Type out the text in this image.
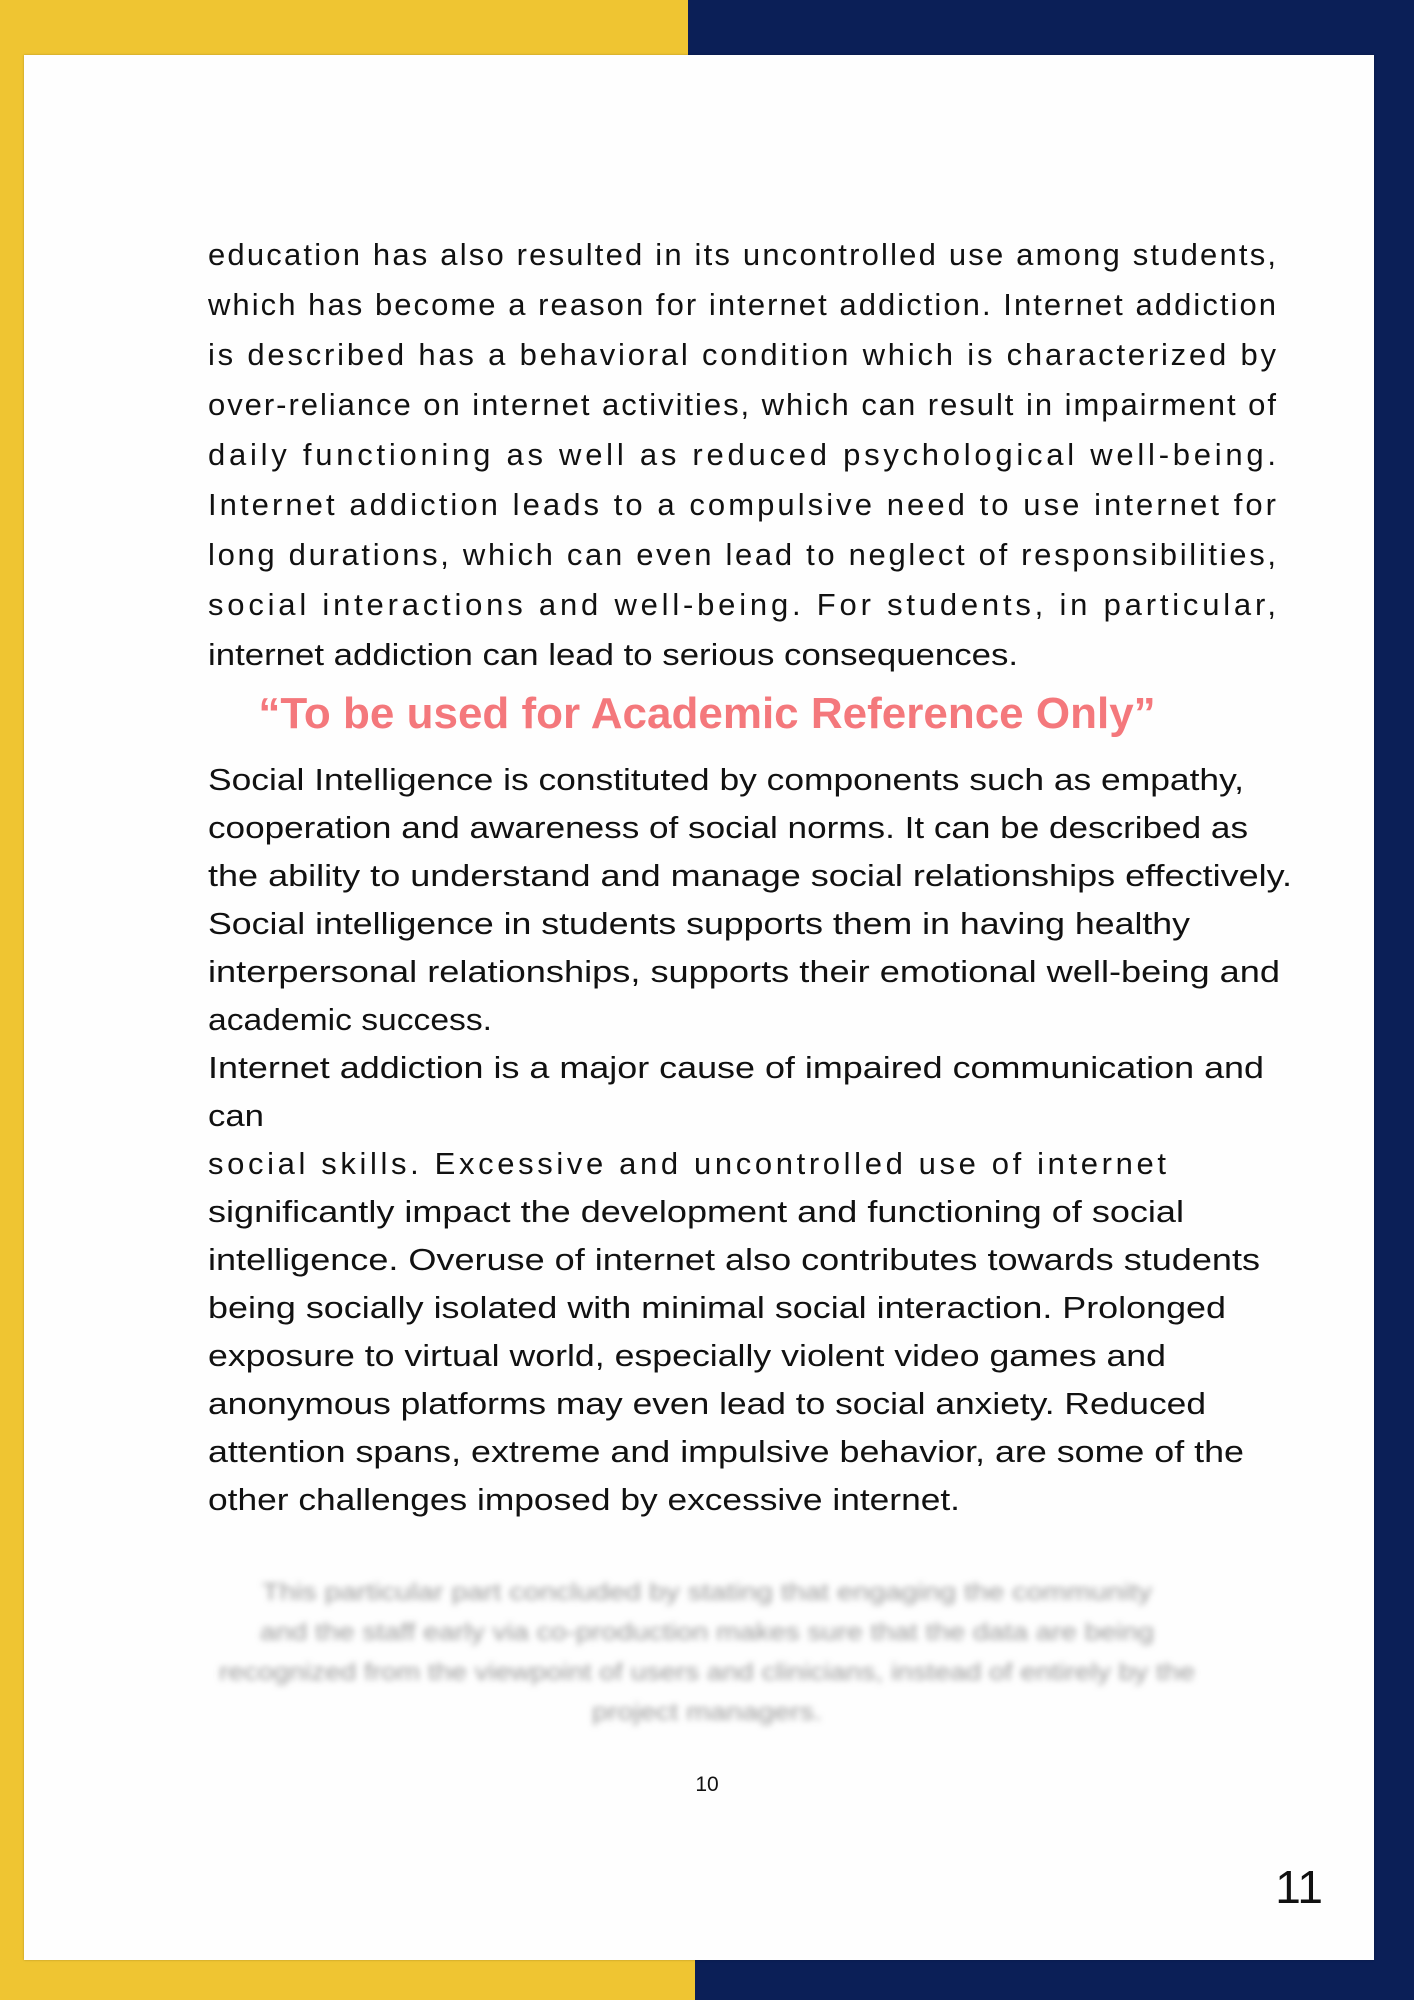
education has also resulted in its uncontrolled use among students,
which has become a reason for internet addiction. Internet addiction
is described has a behavioral condition which is characterized by
over-reliance on internet activities, which can result in impairment of
daily functioning as well as reduced psychological well-being.
Internet addiction leads to a compulsive need to use internet for
long durations, which can even lead to neglect of responsibilities,
social interactions and well-being. For students, in particular,
internet addiction can lead to serious consequences.
“To be used for Academic Reference Only”
Social Intelligence is constituted by components such as empathy,
cooperation and awareness of social norms. It can be described as
the ability to understand and manage social relationships effectively.
Social intelligence in students supports them in having healthy
interpersonal relationships, supports their emotional well-being and
academic success.
Internet addiction is a major cause of impaired communication and
can
social skills. Excessive and uncontrolled use of internet
significantly impact the development and functioning of social
intelligence. Overuse of internet also contributes towards students
being socially isolated with minimal social interaction. Prolonged
exposure to virtual world, especially violent video games and
anonymous platforms may even lead to social anxiety. Reduced
attention spans, extreme and impulsive behavior, are some of the
other challenges imposed by excessive internet.
This particular part concluded by stating that engaging the community
and the staff early via co-production makes sure that the data are being
recognized from the viewpoint of users and clinicians, instead of entirely by the
project managers.
10
11
